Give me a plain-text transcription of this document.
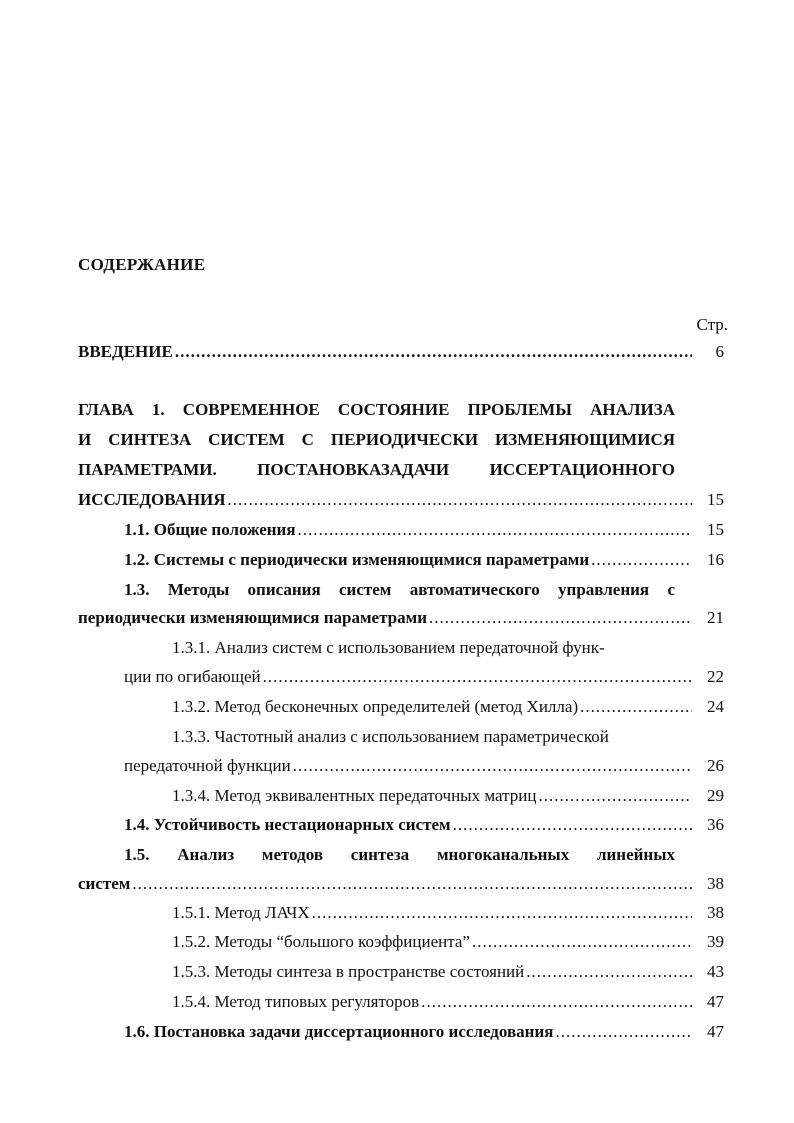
СОДЕРЖАНИЕ
Стр.
ВВЕДЕНИЕ .....	6
ГЛАВА 1. СОВРЕМЕННОЕ СОСТОЯНИЕ ПРОБЛЕМЫ АНАЛИЗА
И СИНТЕЗА СИСТЕМ С ПЕРИОДИЧЕСКИ ИЗМЕНЯЮЩИМИСЯ
ПАРАМЕТРАМИ. ПОСТАНОВКАЗАДАЧИ ИССЕРТАЦИОННОГО
ИССЛЕДОВАНИЯ .....	15
1.1. Общие положения .....	15
1.2. Системы с периодически изменяющимися параметрами .....	16
1.3. Методы описания систем автоматического управления с
периодически изменяющимися параметрами .....	21
1.3.1. Анализ систем с использованием передаточной функ-
ции по огибающей .....	22
1.3.2. Метод бесконечных определителей (метод Хилла) .....	24
1.3.3. Частотный анализ с использованием параметрической
передаточной функции .....	26
1.3.4. Метод эквивалентных передаточных матриц .....	29
1.4. Устойчивость нестационарных систем .....	36
1.5. Анализ методов синтеза многоканальных линейных
систем .....	38
1.5.1. Метод ЛАЧХ .....	38
1.5.2. Методы “большого коэффициента” .....	39
1.5.3. Методы синтеза в пространстве состояний .....	43
1.5.4. Метод типовых регуляторов .....	47
1.6. Постановка задачи диссертационного исследования .....	47
